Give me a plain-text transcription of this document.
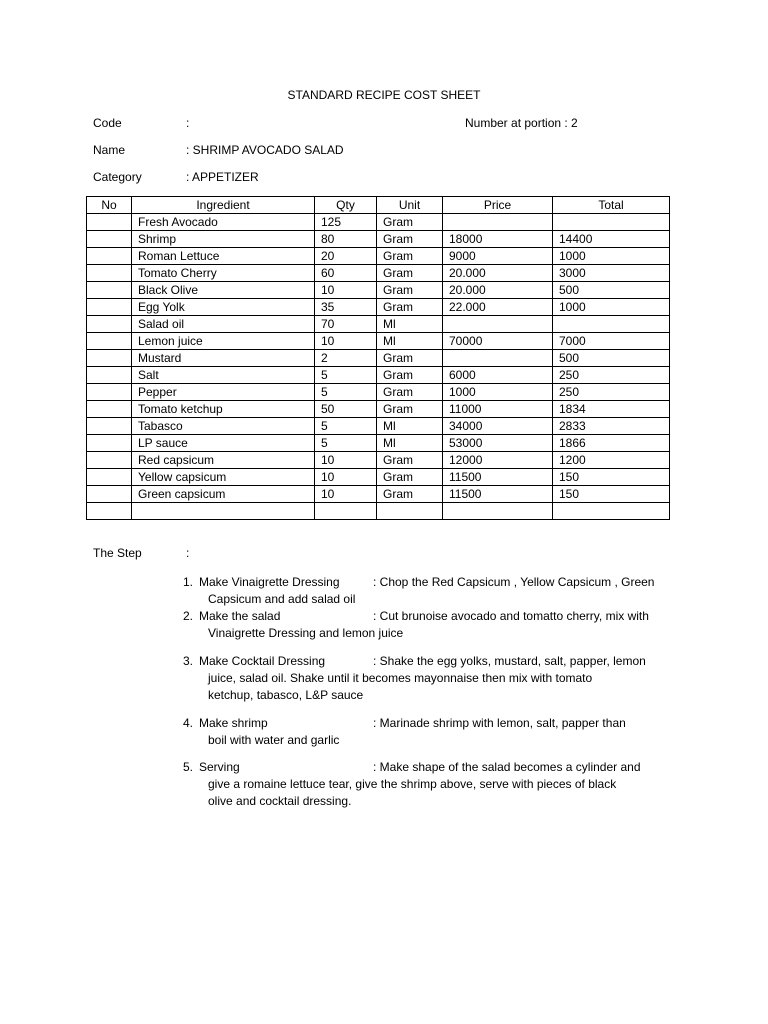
STANDARD RECIPE COST SHEET
Code	:	Number at portion : 2
Name	: SHRIMP AVOCADO SALAD
Category	: APPETIZER
No	Ingredient	Qty	Unit	Price	Total
	Fresh Avocado	125	Gram		
	Shrimp	80	Gram	18000	14400
	Roman Lettuce	20	Gram	9000	1000
	Tomato Cherry	60	Gram	20.000	3000
	Black Olive	10	Gram	20.000	500
	Egg Yolk	35	Gram	22.000	1000
	Salad oil	70	Ml		
	Lemon juice	10	Ml	70000	7000
	Mustard	2	Gram		500
	Salt	5	Gram	6000	250
	Pepper	5	Gram	1000	250
	Tomato ketchup	50	Gram	11000	1834
	Tabasco	5	Ml	34000	2833
	LP sauce	5	Ml	53000	1866
	Red capsicum	10	Gram	12000	1200
	Yellow capsicum	10	Gram	11500	150
	Green capsicum	10	Gram	11500	150

The Step	:
1. Make Vinaigrette Dressing	: Chop the Red Capsicum , Yellow Capsicum , Green
Capsicum and add salad oil
2. Make the salad	: Cut brunoise avocado and tomatto cherry, mix with
Vinaigrette Dressing and lemon juice
3. Make Cocktail Dressing	: Shake the egg yolks, mustard, salt, papper, lemon
juice, salad oil. Shake until it becomes mayonnaise then mix with tomato
ketchup, tabasco, L&P sauce
4. Make shrimp	: Marinade shrimp with lemon, salt, papper than
boil with water and garlic
5. Serving	: Make shape of the salad becomes a cylinder and
give a romaine lettuce tear, give the shrimp above, serve with pieces of black
olive and cocktail dressing.
